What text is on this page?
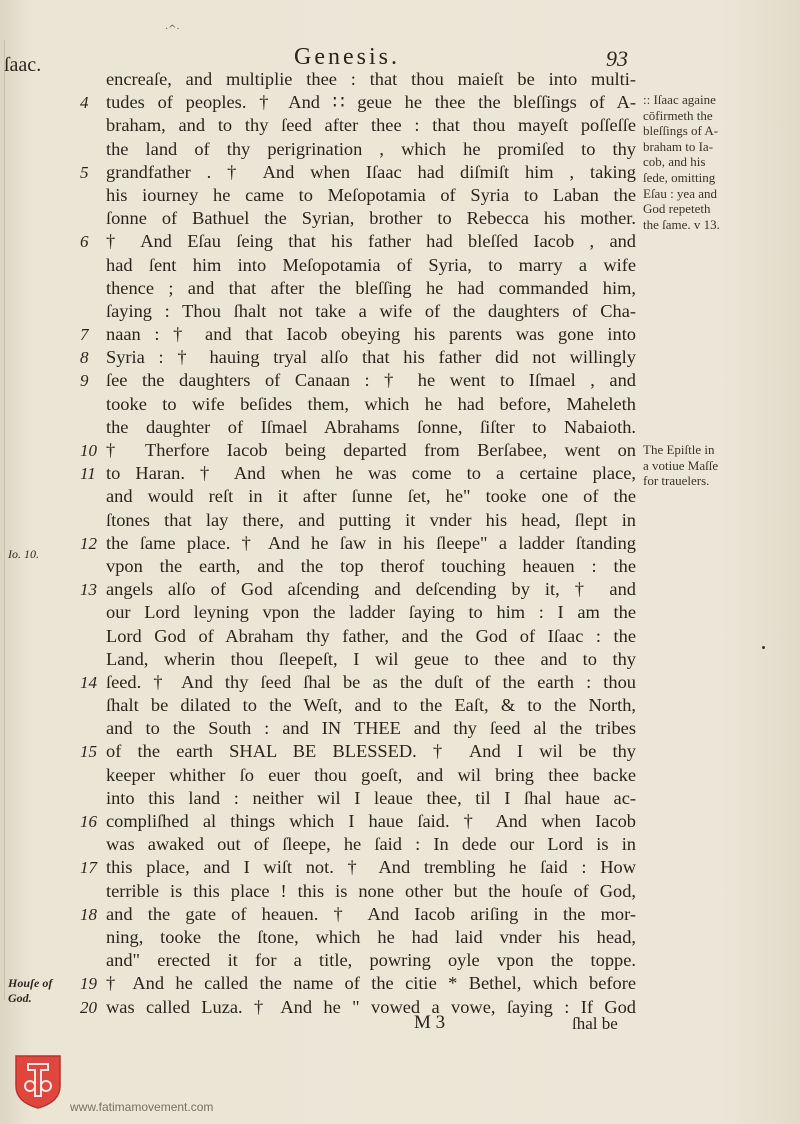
ſaac.	Genesis.	93
·^·
encreaſe, and multiplie thee : that thou maieſt be into multi-
4 tudes of peoples. † And ∷ geue he thee the bleſſings of A-
braham, and to thy ſeed after thee : that thou mayeſt poſſeſſe
the land of thy perigrination , which he promiſed to thy
5 grandfather . † And when Iſaac had diſmiſt him , taking
his iourney he came to Meſopotamia of Syria to Laban the
ſonne of Bathuel the Syrian, brother to Rebecca his mother.
6 † And Eſau ſeing that his father had bleſſed Iacob , and
had ſent him into Meſopotamia of Syria, to marry a wife
thence ; and that after the bleſſing he had commanded him,
ſaying : Thou ſhalt not take a wife of the daughters of Cha-
7 naan : † and that Iacob obeying his parents was gone into
8 Syria : † hauing tryal alſo that his father did not willingly
9 ſee the daughters of Canaan : † he went to Iſmael , and
tooke to wife beſides them, which he had before, Maheleth
the daughter of Iſmael Abrahams ſonne, ſiſter to Nabaioth.
10 † Therfore Iacob being departed from Berſabee, went on
11 to Haran. † And when he was come to a certaine place,
and would reſt in it after ſunne ſet, he" tooke one of the
ſtones that lay there, and putting it vnder his head, ſlept in
12 the ſame place. † And he ſaw in his ſleepe" a ladder ſtanding
vpon the earth, and the top therof touching heauen : the
13 angels alſo of God aſcending and deſcending by it, † and
our Lord leyning vpon the ladder ſaying to him : I am the
Lord God of Abraham thy father, and the God of Iſaac : the
Land, wherin thou ſleepeſt, I wil geue to thee and to thy
14 ſeed. † And thy ſeed ſhal be as the duſt of the earth : thou
ſhalt be dilated to the Weſt, and to the Eaſt, & to the North,
and to the South : and IN THEE and thy ſeed al the tribes
15 of the earth SHAL BE BLESSED. † And I wil be thy
keeper whither ſo euer thou goeſt, and wil bring thee backe
into this land : neither wil I leaue thee, til I ſhal haue ac-
16 compliſhed al things which I haue ſaid. † And when Iacob
was awaked out of ſleepe, he ſaid : In dede our Lord is in
17 this place, and I wiſt not. † And trembling he ſaid : How
terrible is this place ! this is none other but the houſe of God,
18 and the gate of heauen. † And Iacob ariſing in the mor-
ning, tooke the ſtone, which he had laid vnder his head,
and" erected it for a title, powring oyle vpon the toppe.
19 † And he called the name of the citie * Bethel, which before
20 was called Luza. † And he " vowed a vowe, ſaying : If God
:: Iſaac againe
cōfirmeth the
bleſſings of A-
braham to Ia-
cob, and his
ſede, omitting
Eſau : yea and
God repeteth
the ſame. v 13.
The Epiſtle in
a votiue Maſſe
for trauelers.
Io. 10.
Houſe of
God.
M 3	ſhal be
www.fatimamovement.com
